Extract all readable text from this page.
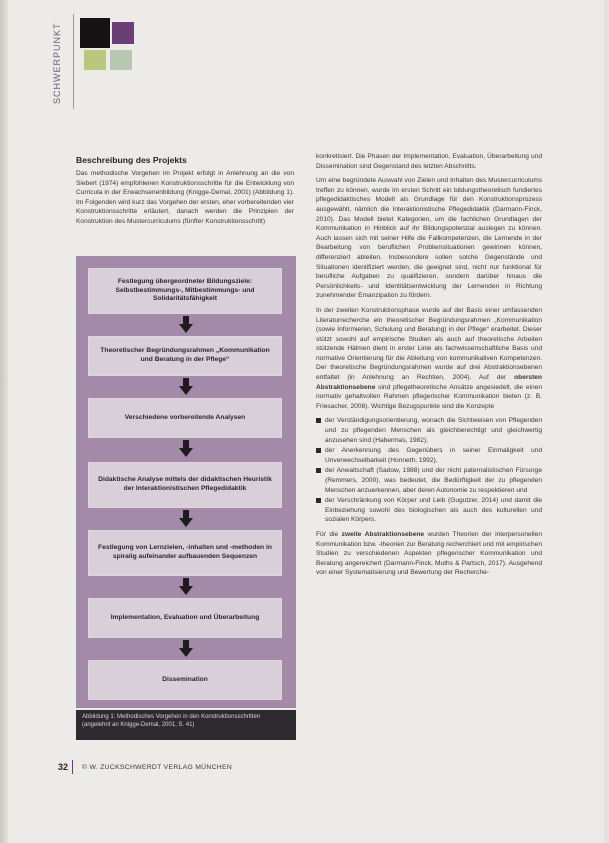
SCHWERPUNKT
Beschreibung des Projekts

Das methodische Vorgehen im Projekt erfolgt in Anlehnung an die von Siebert (1974) empfohlenen Konstruktionsschritte für die Entwicklung von Curricula in der Erwachsenenbildung (Knigge-Demal, 2001) (Abbildung 1). Im Folgenden wird kurz das Vorgehen der ersten, eher vorbereitenden vier Konstruktionsschritte erläutert, danach werden die Prinzipien der Konstruktion des Mustercurriculums (fünfter Konstruktionsschritt)

Festlegung übergeordneter Bildungsziele: Selbstbestimmungs-, Mitbestimmungs- und Solidaritätsfähigkeit
Theoretischer Begründungsrahmen „Kommunikation und Beratung in der Pflege“
Verschiedene vorbereitende Analysen
Didaktische Analyse mittels der didaktischen Heuristik der Interaktionistischen Pflegedidaktik
Festlegung von Lernzielen, -inhalten und -methoden in spiralig aufeinander aufbauenden Sequenzen
Implementation, Evaluation und Überarbeitung
Dissemination
Abbildung 1: Methodisches Vorgehen in den Konstruktionsschritten (angelehnt an Knigge-Demal, 2001, S. 41)

konkretisiert. Die Phasen der Implementation, Evaluation, Überarbeitung und Dissemination sind Gegenstand des letzten Abschnitts.

Um eine begründete Auswahl von Zielen und Inhalten des Mustercurriculums treffen zu können, wurde im ersten Schritt ein bildungstheoretisch fundiertes pflegedidaktisches Modell als Grundlage für den Konstruktionsprozess ausgewählt, nämlich die Interaktionistische Pflegedidaktik (Darmann-Finck, 2010). Das Modell bietet Kategorien, um die fachlichen Grundlagen der Kommunikation in Hinblick auf ihr Bildungspotenzial auslegen zu können. Auch lassen sich mit seiner Hilfe die Fallkompetenzen, die Lernende in der Bearbeitung von beruflichen Problemsituationen gewinnen können, differenziert ableiten. Insbesondere sollen solche Gegenstände und Situationen identifiziert werden, die geeignet sind, nicht nur funktional für berufliche Aufgaben zu qualifizieren, sondern darüber hinaus die Persönlichkeits- und Identitätsentwicklung der Lernenden in Richtung zunehmender Emanzipation zu fördern.

In der zweiten Konstruktionsphase wurde auf der Basis einer umfassenden Literaturrecherche ein theoretischer Begründungsrahmen „Kommunikation (sowie Informieren, Schulung und Beratung) in der Pflege“ erarbeitet. Dieser stützt sowohl auf empirische Studien als auch auf theoretische Arbeiten stützende Hälmen dient in erster Linie als fachwissenschaftliche Basis und normative Orientierung für die Ableitung von kommunikativen Kompetenzen. Der theoretische Begründungsrahmen wurde auf drei Abstraktionsebenen entfaltet (in Anlehnung an Rechtien, 2004). Auf der obersten Abstraktionsebene sind pflegetheoretische Ansätze angesiedelt, die einen normativ gehaltvollen Rahmen pflegerischer Kommunikation bieten (z. B. Friesacher, 2008). Wichtige Bezugspunkte sind die Konzepte

der Verständigungsorientierung, wonach die Sichtweisen von Pflegenden und zu pflegenden Menschen als gleichberechtigt und gleichwertig anzusehen sind (Habermas, 1982),
der Anerkennung des Gegenübers in seiner Einmaligkeit und Unverwechselbarkeit (Honneth, 1992),
der Anwaltschaft (Sadow, 1988) und der nicht paternalistischen Fürsorge (Remmers, 2000), was bedeutet, die Bedürftigkeit der zu pflegenden Menschen anzuerkennen, aber deren Autonomie zu respektieren und
der Verschränkung von Körper und Leib (Gugutzer, 2014) und damit die Einbeziehung sowohl des biologischen als auch des kulturellen und sozialen Körpers.

Für die zweite Abstraktionsebene wurden Theorien der interpersonellen Kommunikation bzw. -theorien zur Beratung recherchiert und mit empirischen Studien zu verschiedenen Aspekten pflegerischer Kommunikation und Beratung angereichert (Darmann-Finck, Muths & Partsch, 2017). Ausgehend von einer Systematisierung und Bewertung der Recherche-

32 © W. ZUCKSCHWERDT VERLAG MÜNCHEN
